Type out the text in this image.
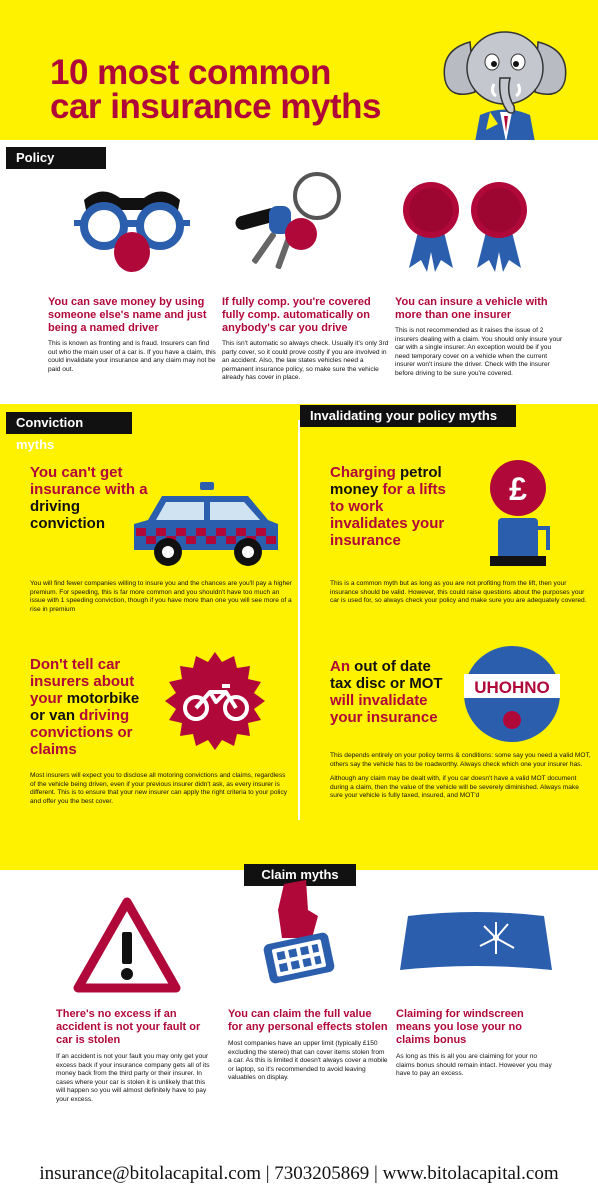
10 most common
car insurance myths
Policy myths
You can save money by using someone else's name and just being a named driver
This is known as fronting and is fraud. Insurers can find out who the main user of a car is. If you have a claim, this could invalidate your insurance and any claim may not be paid out.
If fully comp. you're covered fully comp. automatically on anybody's car you drive
This isn't automatic so always check. Usually it's only 3rd party cover, so it could prove costly if you are involved in an accident. Also, the law states vehicles need a permanent insurance policy, so make sure the vehicle already has cover in place.
You can insure a vehicle with more than one insurer
This is not recommended as it raises the issue of 2 insurers dealing with a claim. You should only insure your car with a single insurer. An exception would be if you need temporary cover on a vehicle when the current insurer won't insure the driver. Check with the insurer before driving to be sure you're covered.
Conviction myths
Invalidating your policy myths
You can't get insurance with a driving conviction
You will find fewer companies willing to insure you and the chances are you'll pay a higher premium. For speeding, this is far more common and you shouldn't have too much an issue with 1 speeding conviction, though if you have more than one you will see more of a rise in premium
Don't tell car insurers about your motorbike or van driving convictions or claims
Most insurers will expect you to disclose all motoring convictions and claims, regardless of the vehicle being driven, even if your previous insurer didn't ask, as every insurer is different. This is to ensure that your new insurer can apply the right criteria to your policy and offer you the best cover.
Charging petrol money for a lifts to work invalidates your insurance
£
This is a common myth but as long as you are not profiting from the lift, then your insurance should be valid. However, this could raise questions about the purposes your car is used for, so always check your policy and make sure you are adequately covered.
An out of date tax disc or MOT will invalidate your insurance
UHOHNO
This depends entirely on your policy terms & conditions: some say you need a valid MOT, others say the vehicle has to be roadworthy. Always check which one your insurer has.
Although any claim may be dealt with, if you car doesn't have a valid MOT document during a claim, then the value of the vehicle will be severely diminished. Always make sure your vehicle is fully taxed, insured, and MOT'd
Claim myths
There's no excess if an accident is not your fault or car is stolen
If an accident is not your fault you may only get your excess back if your insurance company gets all of its money back from the third party or their insurer. In cases where your car is stolen it is unlikely that this will happen so you will almost definitely have to pay your excess.
You can claim the full value for any personal effects stolen
Most companies have an upper limit (typically £150 excluding the stereo) that can cover items stolen from a car. As this is limited it doesn't always cover a mobile or laptop, so it's recommended to avoid leaving valuables on display.
Claiming for windscreen means you lose your no claims bonus
As long as this is all you are claiming for your no claims bonus should remain intact. However you may have to pay an excess.
insurance@bitolacapital.com | 7303205869 | www.bitolacapital.com
